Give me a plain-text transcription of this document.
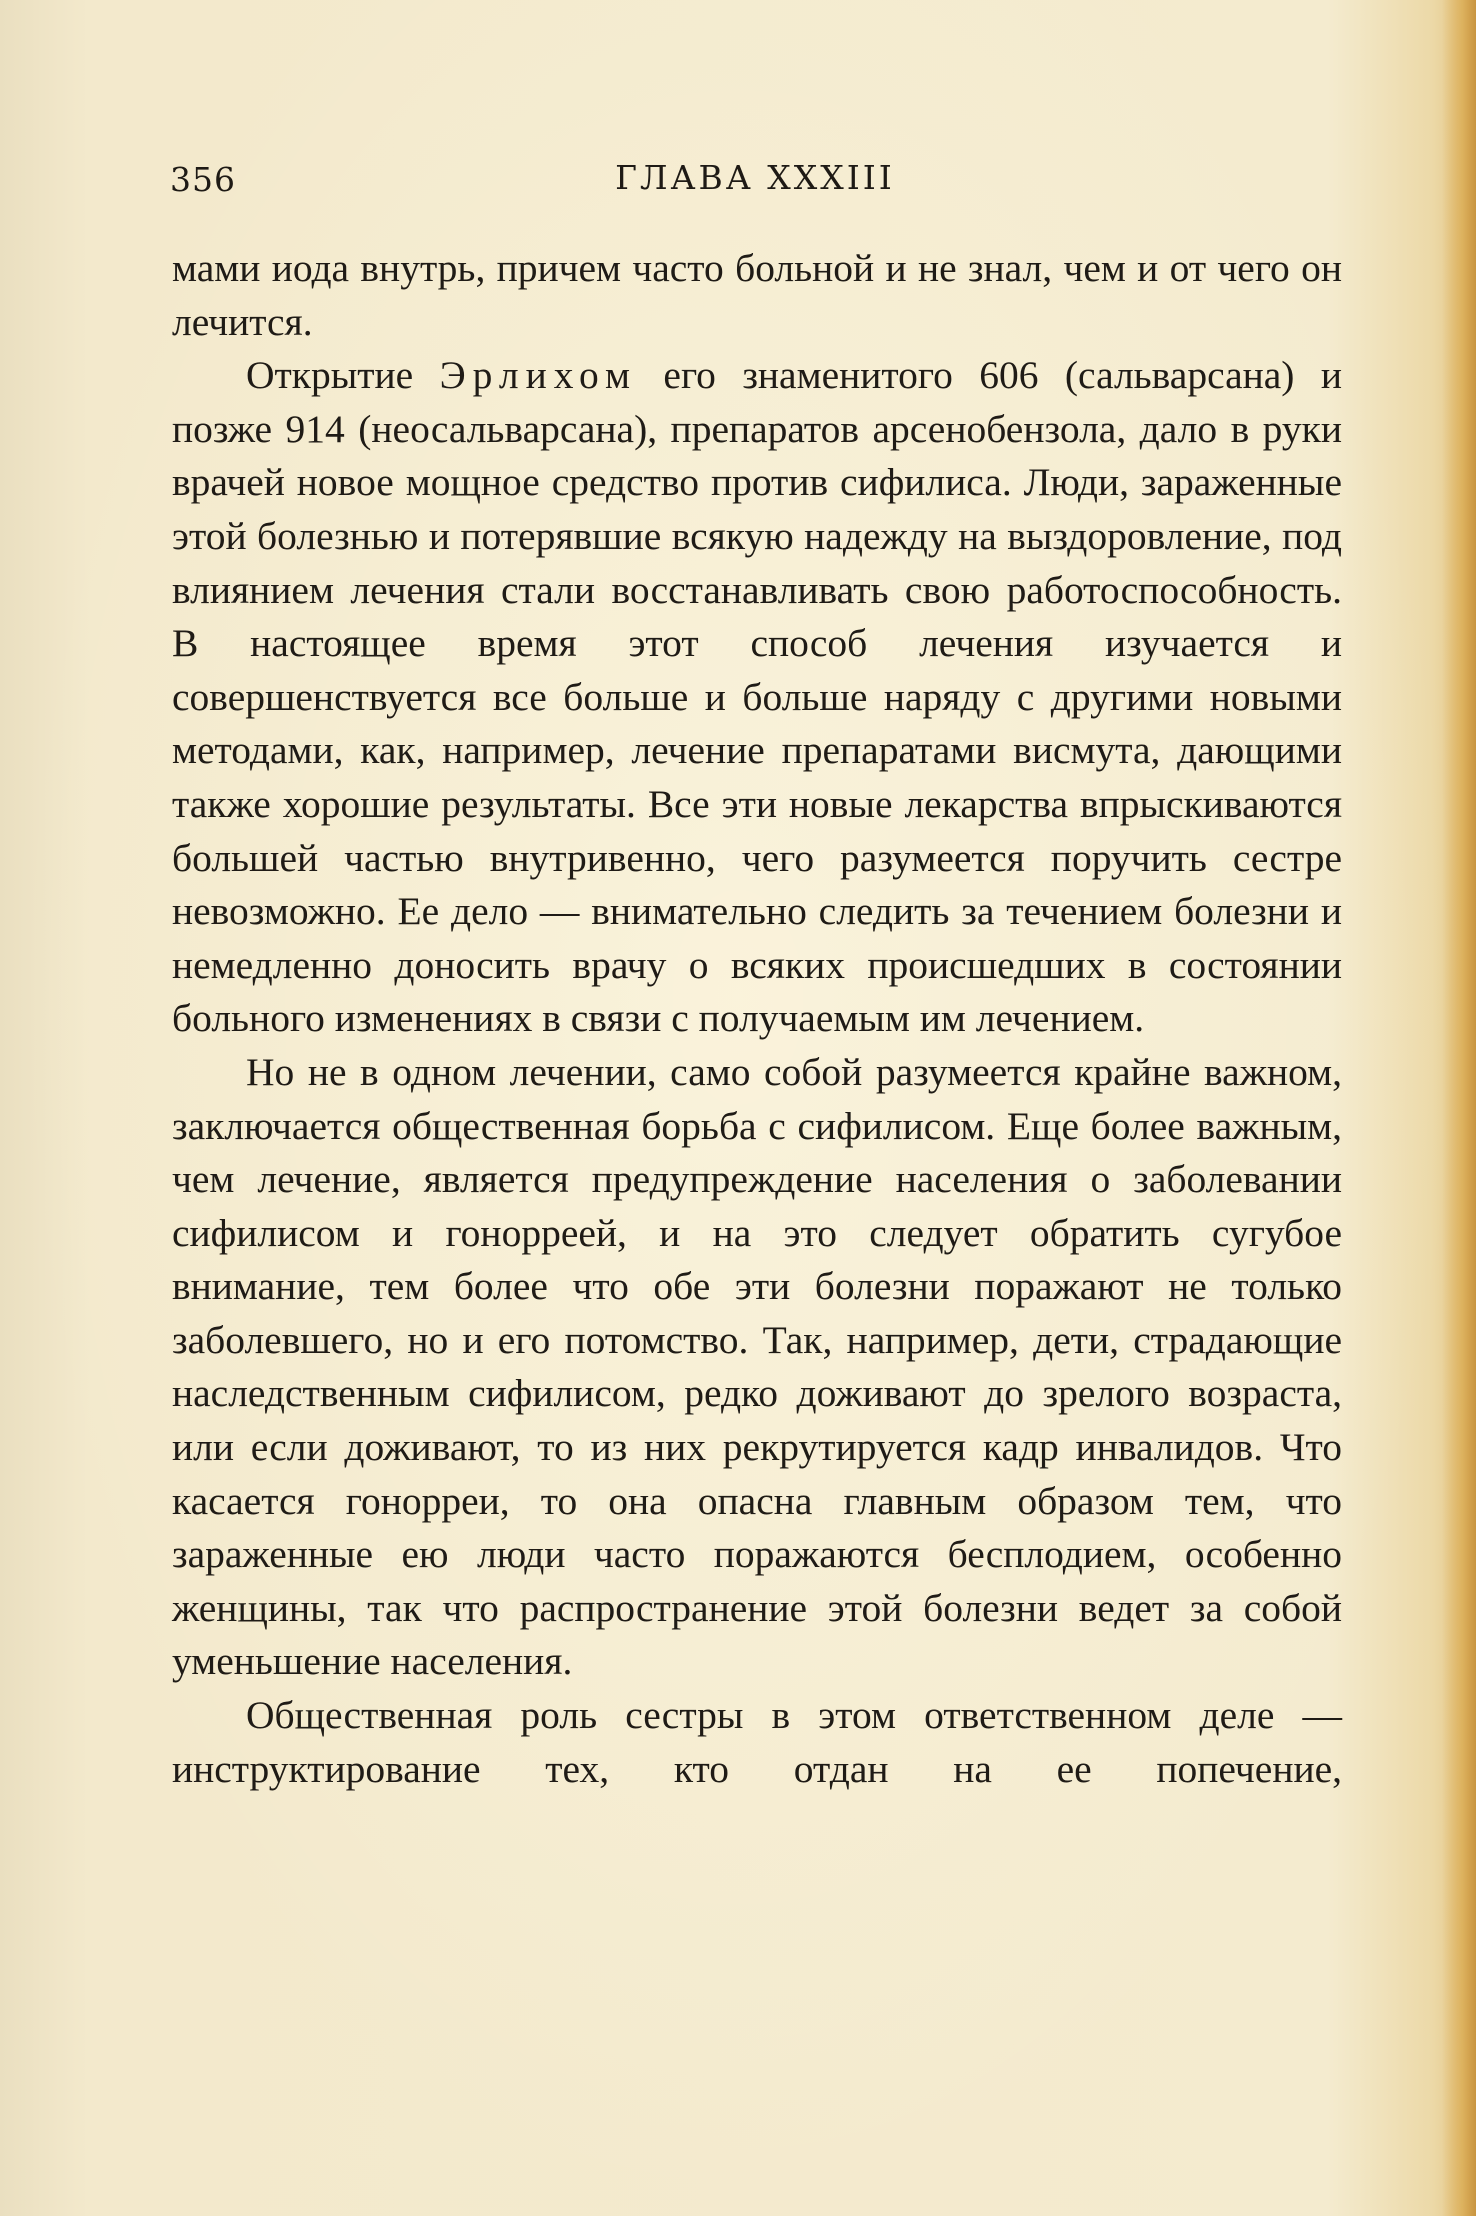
356	ГЛАВА XXXIII

мами иода внутрь, причем часто больной и не знал, чем и от чего он лечится.

Открытие Эрлихом его знаменитого 606 (сальварсана) и позже 914 (неосальварсана), препаратов арсенобензола, дало в руки врачей новое мощное средство против сифилиса. Люди, зараженные этой болезнью и потерявшие всякую надежду на выздоровление, под влиянием лечения стали восстанавливать свою работоспособность. В настоящее время этот способ лечения изучается и совершенствуется все больше и больше наряду с другими новыми методами, как, например, лечение препаратами висмута, дающими также хорошие результаты. Все эти новые лекарства впрыскиваются большей частью внутривенно, чего разумеется поручить сестре невозможно. Ее дело — внимательно следить за течением болезни и немедленно доносить врачу о всяких происшедших в состоянии больного изменениях в связи с получаемым им лечением.

Но не в одном лечении, само собой разумеется крайне важном, заключается общественная борьба с сифилисом. Еще более важным, чем лечение, является предупреждение населения о заболевании сифилисом и гонорреей, и на это следует обратить сугубое внимание, тем более что обе эти болезни поражают не только заболевшего, но и его потомство. Так, например, дети, страдающие наследственным сифилисом, редко доживают до зрелого возраста, или если доживают, то из них рекрутируется кадр инвалидов. Что касается гонорреи, то она опасна главным образом тем, что зараженные ею люди часто поражаются бесплодием, особенно женщины, так что распространение этой болезни ведет за собой уменьшение населения.

Общественная роль сестры в этом ответственном деле — инструктирование тех, кто отдан на ее попечение,
